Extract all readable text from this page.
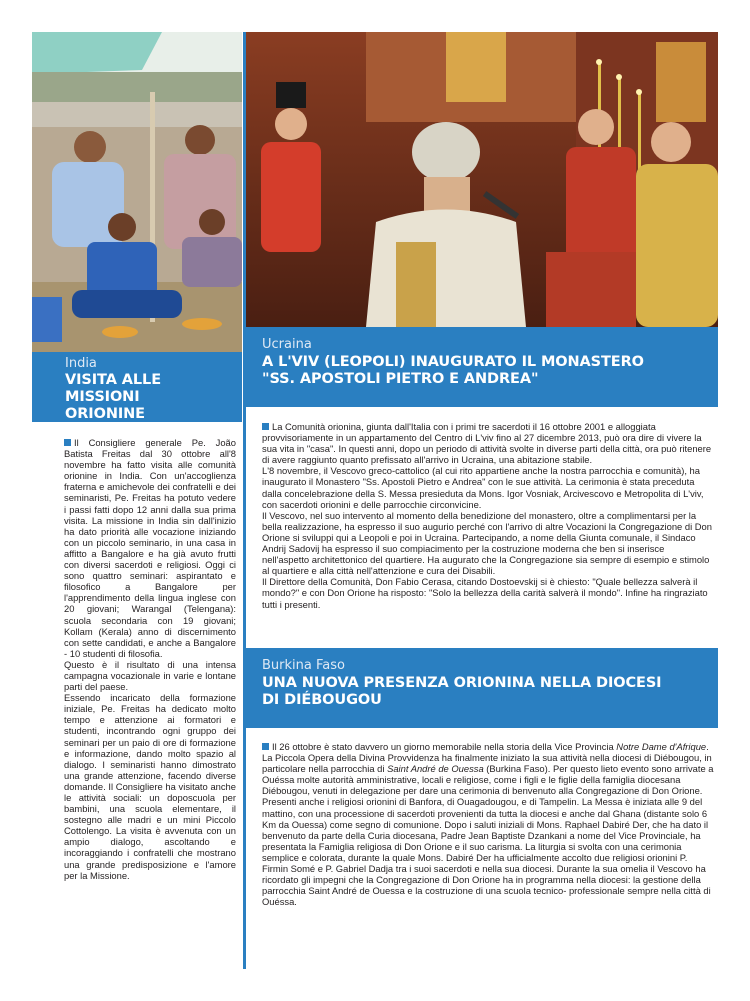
India
VISITA ALLE MISSIONI
ORIONINE

Il Consigliere generale Pe. João Batista Freitas dal 30 ottobre all'8 novembre ha fatto visita alle comunità orionine in India. Con un'accoglienza fraterna e amichevole dei confratelli e dei seminaristi, Pe. Freitas ha potuto vedere i passi fatti dopo 12 anni dalla sua prima visita. La missione in India sin dall'inizio ha dato priorità alle vocazione iniziando con un piccolo seminario, in una casa in affitto a Bangalore e ha già avuto frutti con diversi sacerdoti e religiosi. Oggi ci sono quattro seminari: aspirantato e filosofico a Bangalore per l'apprendimento della lingua inglese con 20 giovani; Warangal (Telengana): scuola secondaria con 19 giovani; Kollam (Kerala) anno di discernimento con sette candidati, e anche a Bangalore - 10 studenti di filosofia.

Questo è il risultato di una intensa campagna vocazionale in varie e lontane parti del paese.

Essendo incaricato della formazione iniziale, Pe. Freitas ha dedicato molto tempo e attenzione ai formatori e studenti, incontrando ogni gruppo dei seminari per un paio di ore di formazione e informazione, dando molto spazio al dialogo. I seminaristi hanno dimostrato una grande attenzione, facendo diverse domande. Il Consigliere ha visitato anche le attività sociali: un doposcuola per bambini, una scuola elementare, il sostegno alle madri e un mini Piccolo Cottolengo. La visita è avvenuta con un ampio dialogo, ascoltando e incoraggiando i confratelli che mostrano una grande predisposizione e l'amore per la Missione.

Ucraina
A L'VIV (LEOPOLI) INAUGURATO IL MONASTERO
"SS. APOSTOLI PIETRO E ANDREA"

La Comunità orionina, giunta dall'Italia con i primi tre sacerdoti il 16 ottobre 2001 e alloggiata provvisoriamente in un appartamento del Centro di L'viv fino al 27 dicembre 2013, può ora dire di vivere la sua vita in "casa". In questi anni, dopo un periodo di attività svolte in diverse parti della città, ora può ritenere di avere raggiunto quanto prefissato all'arrivo in Ucraina, una abitazione stabile.

L'8 novembre, il Vescovo greco-cattolico (al cui rito appartiene anche la nostra parrocchia e comunità), ha inaugurato il Monastero "Ss. Apostoli Pietro e Andrea" con le sue attività. La cerimonia è stata preceduta dalla concelebrazione della S. Messa presieduta da Mons. Igor Vosniak, Arcivescovo e Metropolita di L'viv, con sacerdoti orionini e delle parrocchie circonvicine.

Il Vescovo, nel suo intervento al momento della benedizione del monastero, oltre a complimentarsi per la bella realizzazione, ha espresso il suo augurio perché con l'arrivo di altre Vocazioni la Congregazione di Don Orione si sviluppi qui a Leopoli e poi in Ucraina. Partecipando, a nome della Giunta comunale, il Sindaco Andrij Sadovij ha espresso il suo compiacimento per la costruzione moderna che ben si inserisce nell'aspetto architettonico del quartiere. Ha augurato che la Congregazione sia sempre di esempio e stimolo al quartiere e alla città nell'attenzione e cura dei Disabili.

Il Direttore della Comunità, Don Fabio Cerasa, citando Dostoevskij si è chiesto: "Quale bellezza salverà il mondo?" e con Don Orione ha risposto: "Solo la bellezza della carità salverà il mondo". Infine ha ringraziato tutti i presenti.

Burkina Faso
UNA NUOVA PRESENZA ORIONINA NELLA DIOCESI
DI DIÉBOUGOU

Il 26 ottobre è stato davvero un giorno memorabile nella storia della Vice Provincia Notre Dame d'Afrique. La Piccola Opera della Divina Provvidenza ha finalmente iniziato la sua attività nella diocesi di Diébougou, in particolare nella parrocchia di Saint André de Ouessa (Burkina Faso). Per questo lieto evento sono arrivate a Ouéssa molte autorità amministrative, locali e religiose, come i figli e le figlie della famiglia diocesana Diébougou, venuti in delegazione per dare una cerimonia di benvenuto alla Congregazione di Don Orione. Presenti anche i religiosi orionini di Banfora, di Ouagadougou, e di Tampelin. La Messa è iniziata alle 9 del mattino, con una processione di sacerdoti provenienti da tutta la diocesi e anche dal Ghana (distante solo 6 Km da Ouessa) come segno di comunione. Dopo i saluti iniziali di Mons. Raphael Dabiré Der, che ha dato il benvenuto da parte della Curia diocesana, Padre Jean Baptiste Dzankani a nome del Vice Provinciale, ha presentata la Famiglia religiosa di Don Orione e il suo carisma. La liturgia si svolta con una cerimonia semplice e colorata, durante la quale Mons. Dabiré Der ha ufficialmente accolto due religiosi orionini P. Firmin Somé e P. Gabriel Dadja tra i suoi sacerdoti e nella sua diocesi. Durante la sua omelia il Vescovo ha ricordato gli impegni che la Congregazione di Don Orione ha in programma nella diocesi: la gestione della parrocchia Saint André de Ouessa e la costruzione di una scuola tecnico- professionale sempre nella città di Ouéssa.
